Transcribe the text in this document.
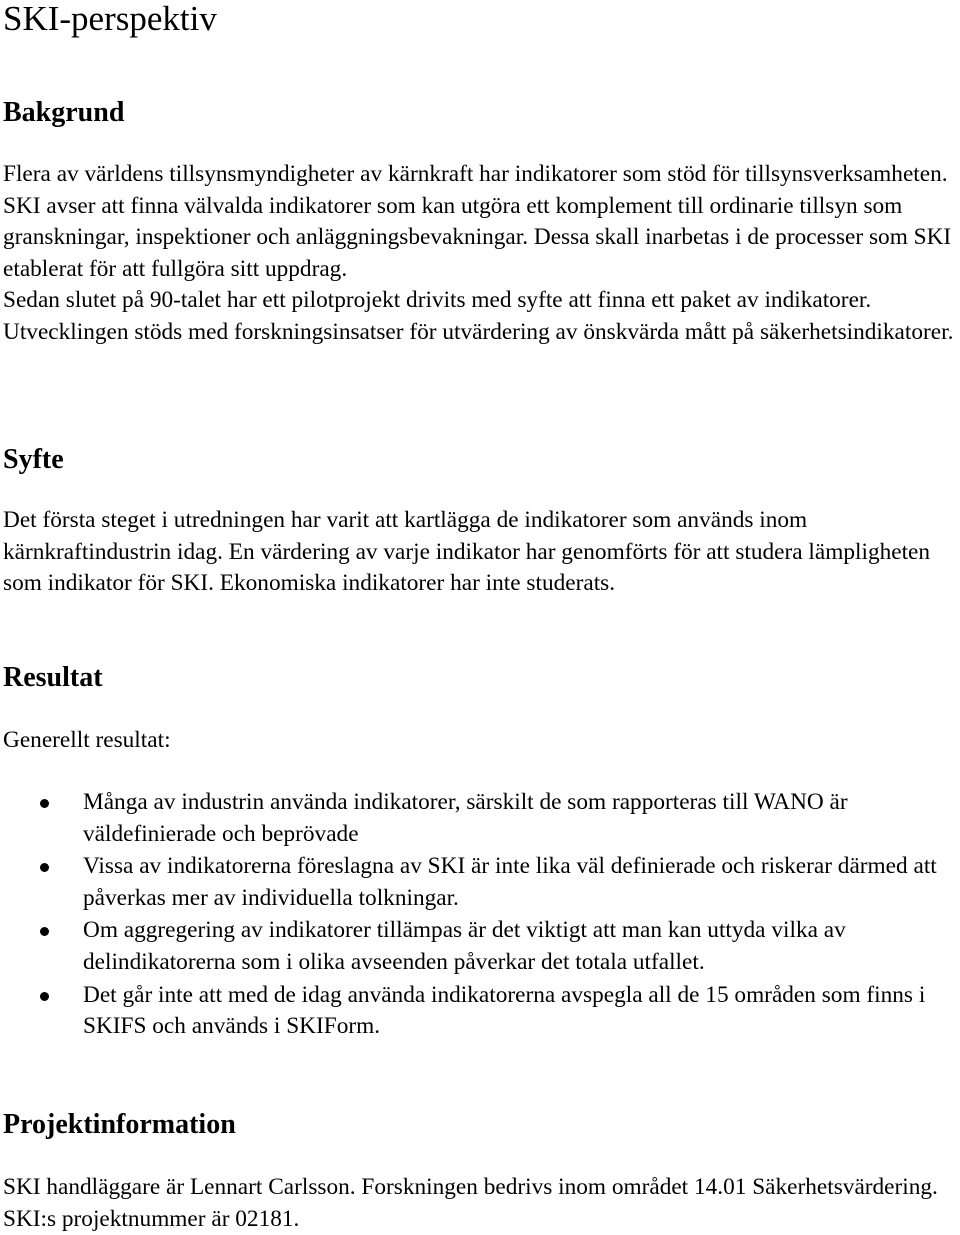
SKI-perspektiv
Bakgrund

Flera av världens tillsynsmyndigheter av kärnkraft har indikatorer som stöd för tillsynsverksamheten. SKI avser att finna välvalda indikatorer som kan utgöra ett komplement till ordinarie tillsyn som granskningar, inspektioner och anläggningsbevakningar. Dessa skall inarbetas i de processer som SKI etablerat för att fullgöra sitt uppdrag.

Sedan slutet på 90-talet har ett pilotprojekt drivits med syfte att finna ett paket av indikatorer. Utvecklingen stöds med forskningsinsatser för utvärdering av önskvärda mått på säkerhetsindikatorer.

Syfte

Det första steget i utredningen har varit att kartlägga de indikatorer som används inom kärnkraftindustrin idag. En värdering av varje indikator har genomförts för att studera lämpligheten som indikator för SKI. Ekonomiska indikatorer har inte studerats.

Resultat

Generellt resultat:

Många av industrin använda indikatorer, särskilt de som rapporteras till WANO är väldefinierade och beprövade
Vissa av indikatorerna föreslagna av SKI är inte lika väl definierade och riskerar därmed att påverkas mer av individuella tolkningar.
Om aggregering av indikatorer tillämpas är det viktigt att man kan uttyda vilka av delindikatorerna som i olika avseenden påverkar det totala utfallet.
Det går inte att med de idag använda indikatorerna avspegla all de 15 områden som finns i SKIFS och används i SKIForm.
Projektinformation

SKI handläggare är Lennart Carlsson. Forskningen bedrivs inom området 14.01 Säkerhetsvärdering. SKI:s projektnummer är 02181.
